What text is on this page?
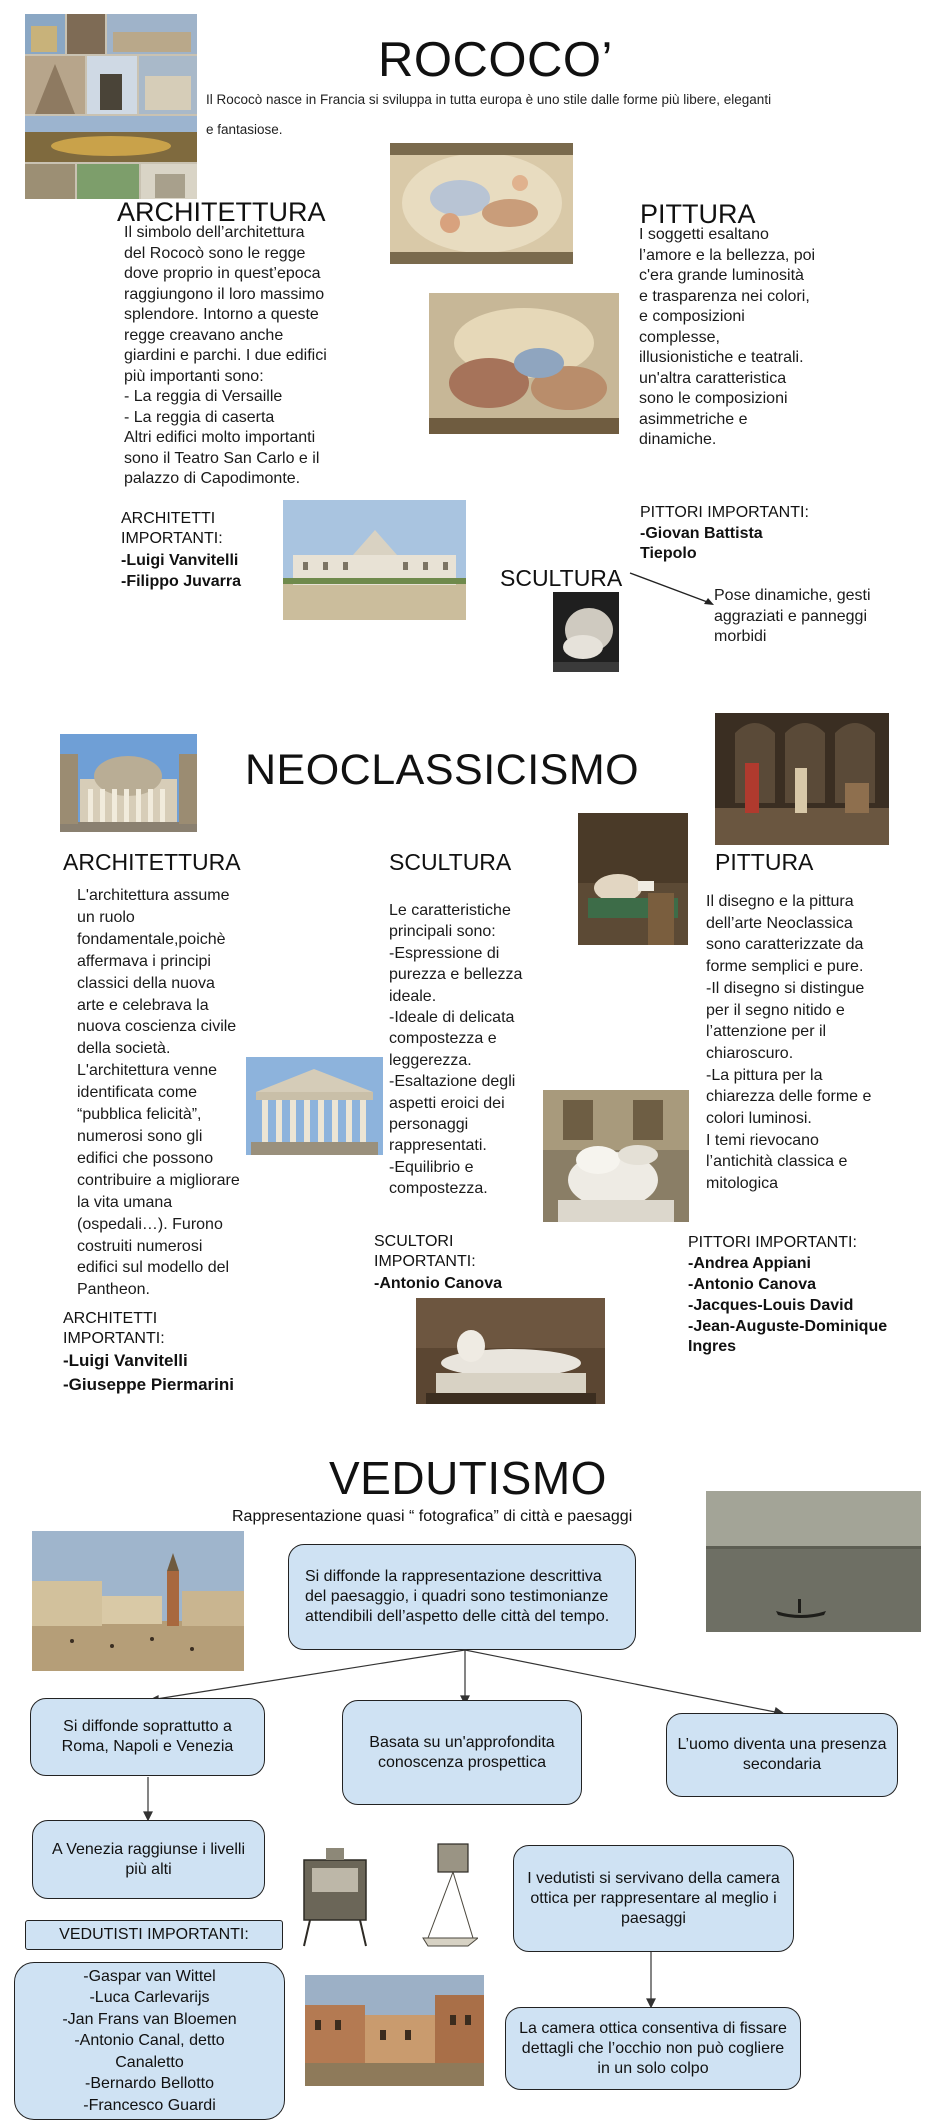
ROCOCO’
Il Rococò nasce in Francia si sviluppa in tutta europa è uno stile dalle forme più libere, eleganti
e fantasiose.
ARCHITETTURA
Il simbolo dell’architettura
del Rococò sono le regge
dove proprio in quest’epoca
raggiungono il loro massimo
splendore. Intorno a queste
regge creavano anche
giardini e parchi. I due edifici
più importanti sono:
- La reggia di Versaille
- La reggia di caserta
Altri edifici molto importanti
sono il Teatro San Carlo e il
palazzo di Capodimonte.
PITTURA
I soggetti esaltano
l’amore e la bellezza, poi
c'era grande luminosità
e trasparenza nei colori,
e composizioni
complesse,
illusionistiche e teatrali.
un'altra caratteristica
sono le composizioni
asimmetriche e
dinamiche.
ARCHITETTI
IMPORTANTI:
-Luigi Vanvitelli
-Filippo Juvarra
PITTORI IMPORTANTI:
-Giovan Battista
Tiepolo
SCULTURA
Pose dinamiche, gesti
aggraziati e panneggi
morbidi
NEOCLASSICISMO
ARCHITETTURA	SCULTURA	PITTURA
L'architettura assume
un ruolo
fondamentale,poichè
affermava i principi
classici della nuova
arte e celebrava la
nuova coscienza civile
della società.
L'architettura venne
identificata come
“pubblica felicità”,
numerosi sono gli
edifici che possono
contribuire a migliorare
la vita umana
(ospedali…). Furono
costruiti numerosi
edifici sul modello del
Pantheon.
Le caratteristiche
principali sono:
-Espressione di
purezza e bellezza
ideale.
-Ideale di delicata
compostezza e
leggerezza.
-Esaltazione degli
aspetti eroici dei
personaggi
rappresentati.
-Equilibrio e
compostezza.
Il disegno e la pittura
dell’arte Neoclassica
sono caratterizzate da
forme semplici e pure.
-Il disegno si distingue
per il segno nitido e
l’attenzione per il
chiaroscuro.
-La pittura per la
chiarezza delle forme e
colori luminosi.
I temi rievocano
l’antichità classica e
mitologica
SCULTORI
IMPORTANTI:
-Antonio Canova
PITTORI IMPORTANTI:
-Andrea Appiani
-Antonio Canova
-Jacques-Louis David
-Jean-Auguste-Dominique
Ingres
ARCHITETTI
IMPORTANTI:
-Luigi Vanvitelli
-Giuseppe Piermarini
VEDUTISMO
Rappresentazione quasi “ fotografica” di città e paesaggi
Si diffonde la rappresentazione descrittiva del paesaggio, i quadri sono testimonianze attendibili dell’aspetto delle città del tempo.
Si diffonde soprattutto a Roma, Napoli e Venezia	Basata su un'approfondita conoscenza prospettica
L’uomo diventa una presenza secondaria
A Venezia raggiunse i livelli più alti
I vedutisti si servivano della camera ottica per rappresentare al meglio i paesaggi
VEDUTISTI IMPORTANTI:
-Gaspar van Wittel
-Luca Carlevarijs
-Jan Frans van Bloemen
-Antonio Canal, detto Canaletto
-Bernardo Bellotto
-Francesco Guardi
La camera ottica consentiva di fissare dettagli che l’occhio non può cogliere in un solo colpo
